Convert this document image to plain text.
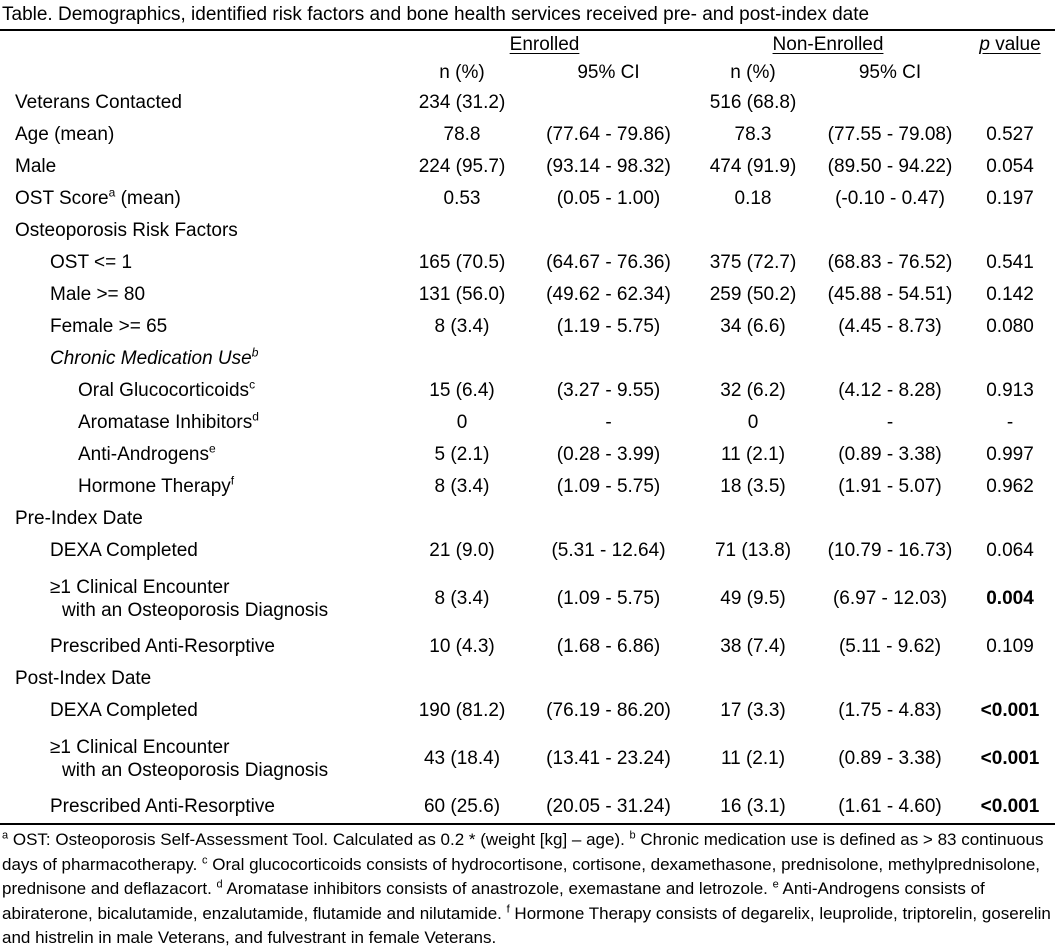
Table. Demographics, identified risk factors and bone health services received pre- and post-index date
	Enrolled		Non-Enrolled		p value
	n (%)	95% CI	n (%)	95% CI	
Veterans Contacted	234 (31.2)		516 (68.8)		
Age (mean)	78.8	(77.64 - 79.86)	78.3	(77.55 - 79.08)	0.527
Male	224 (95.7)	(93.14 - 98.32)	474 (91.9)	(89.50 - 94.22)	0.054
OST Score$^a$ (mean)	0.53	(0.05 - 1.00)	0.18	(-0.10 - 0.47)	0.197
Osteoporosis Risk Factors					
OST <= 1	165 (70.5)	(64.67 - 76.36)	375 (72.7)	(68.83 - 76.52)	0.541
Male >= 80	131 (56.0)	(49.62 - 62.34)	259 (50.2)	(45.88 - 54.51)	0.142
Female >= 65	8 (3.4)	(1.19 - 5.75)	34 (6.6)	(4.45 - 8.73)	0.080
Chronic Medication Use$^b$					
Oral Glucocorticoids$^c$	15 (6.4)	(3.27 - 9.55)	32 (6.2)	(4.12 - 8.28)	0.913
Aromatase Inhibitors$^d$	0	-	0	-	-
Anti-Androgens$^e$	5 (2.1)	(0.28 - 3.99)	11 (2.1)	(0.89 - 3.38)	0.997
Hormone Therapy$^f$	8 (3.4)	(1.09 - 5.75)	18 (3.5)	(1.91 - 5.07)	0.962
Pre-Index Date					
DEXA Completed	21 (9.0)	(5.31 - 12.64)	71 (13.8)	(10.79 - 16.73)	0.064
≥1 Clinical Encounter
with an Osteoporosis Diagnosis	8 (3.4)	(1.09 - 5.75)	49 (9.5)	(6.97 - 12.03)	0.004
Prescribed Anti-Resorptive	10 (4.3)	(1.68 - 6.86)	38 (7.4)	(5.11 - 9.62)	0.109
Post-Index Date					
DEXA Completed	190 (81.2)	(76.19 - 86.20)	17 (3.3)	(1.75 - 4.83)	<0.001
≥1 Clinical Encounter
with an Osteoporosis Diagnosis	43 (18.4)	(13.41 - 23.24)	11 (2.1)	(0.89 - 3.38)	<0.001
Prescribed Anti-Resorptive	60 (25.6)	(20.05 - 31.24)	16 (3.1)	(1.61 - 4.60)	<0.001
$^a$ OST: Osteoporosis Self-Assessment Tool. Calculated as 0.2 * (weight [kg] – age). $^b$ Chronic medication use is defined as > 83 continuous days of pharmacotherapy. $^c$ Oral glucocorticoids consists of hydrocortisone, cortisone, dexamethasone, prednisolone, methylprednisolone, prednisone and deflazacort. $^d$ Aromatase inhibitors consists of anastrozole, exemastane and letrozole. $^e$ Anti-Androgens consists of abiraterone, bicalutamide, enzalutamide, flutamide and nilutamide. $^f$ Hormone Therapy consists of degarelix, leuprolide, triptorelin, goserelin and histrelin in male Veterans, and fulvestrant in female Veterans.
